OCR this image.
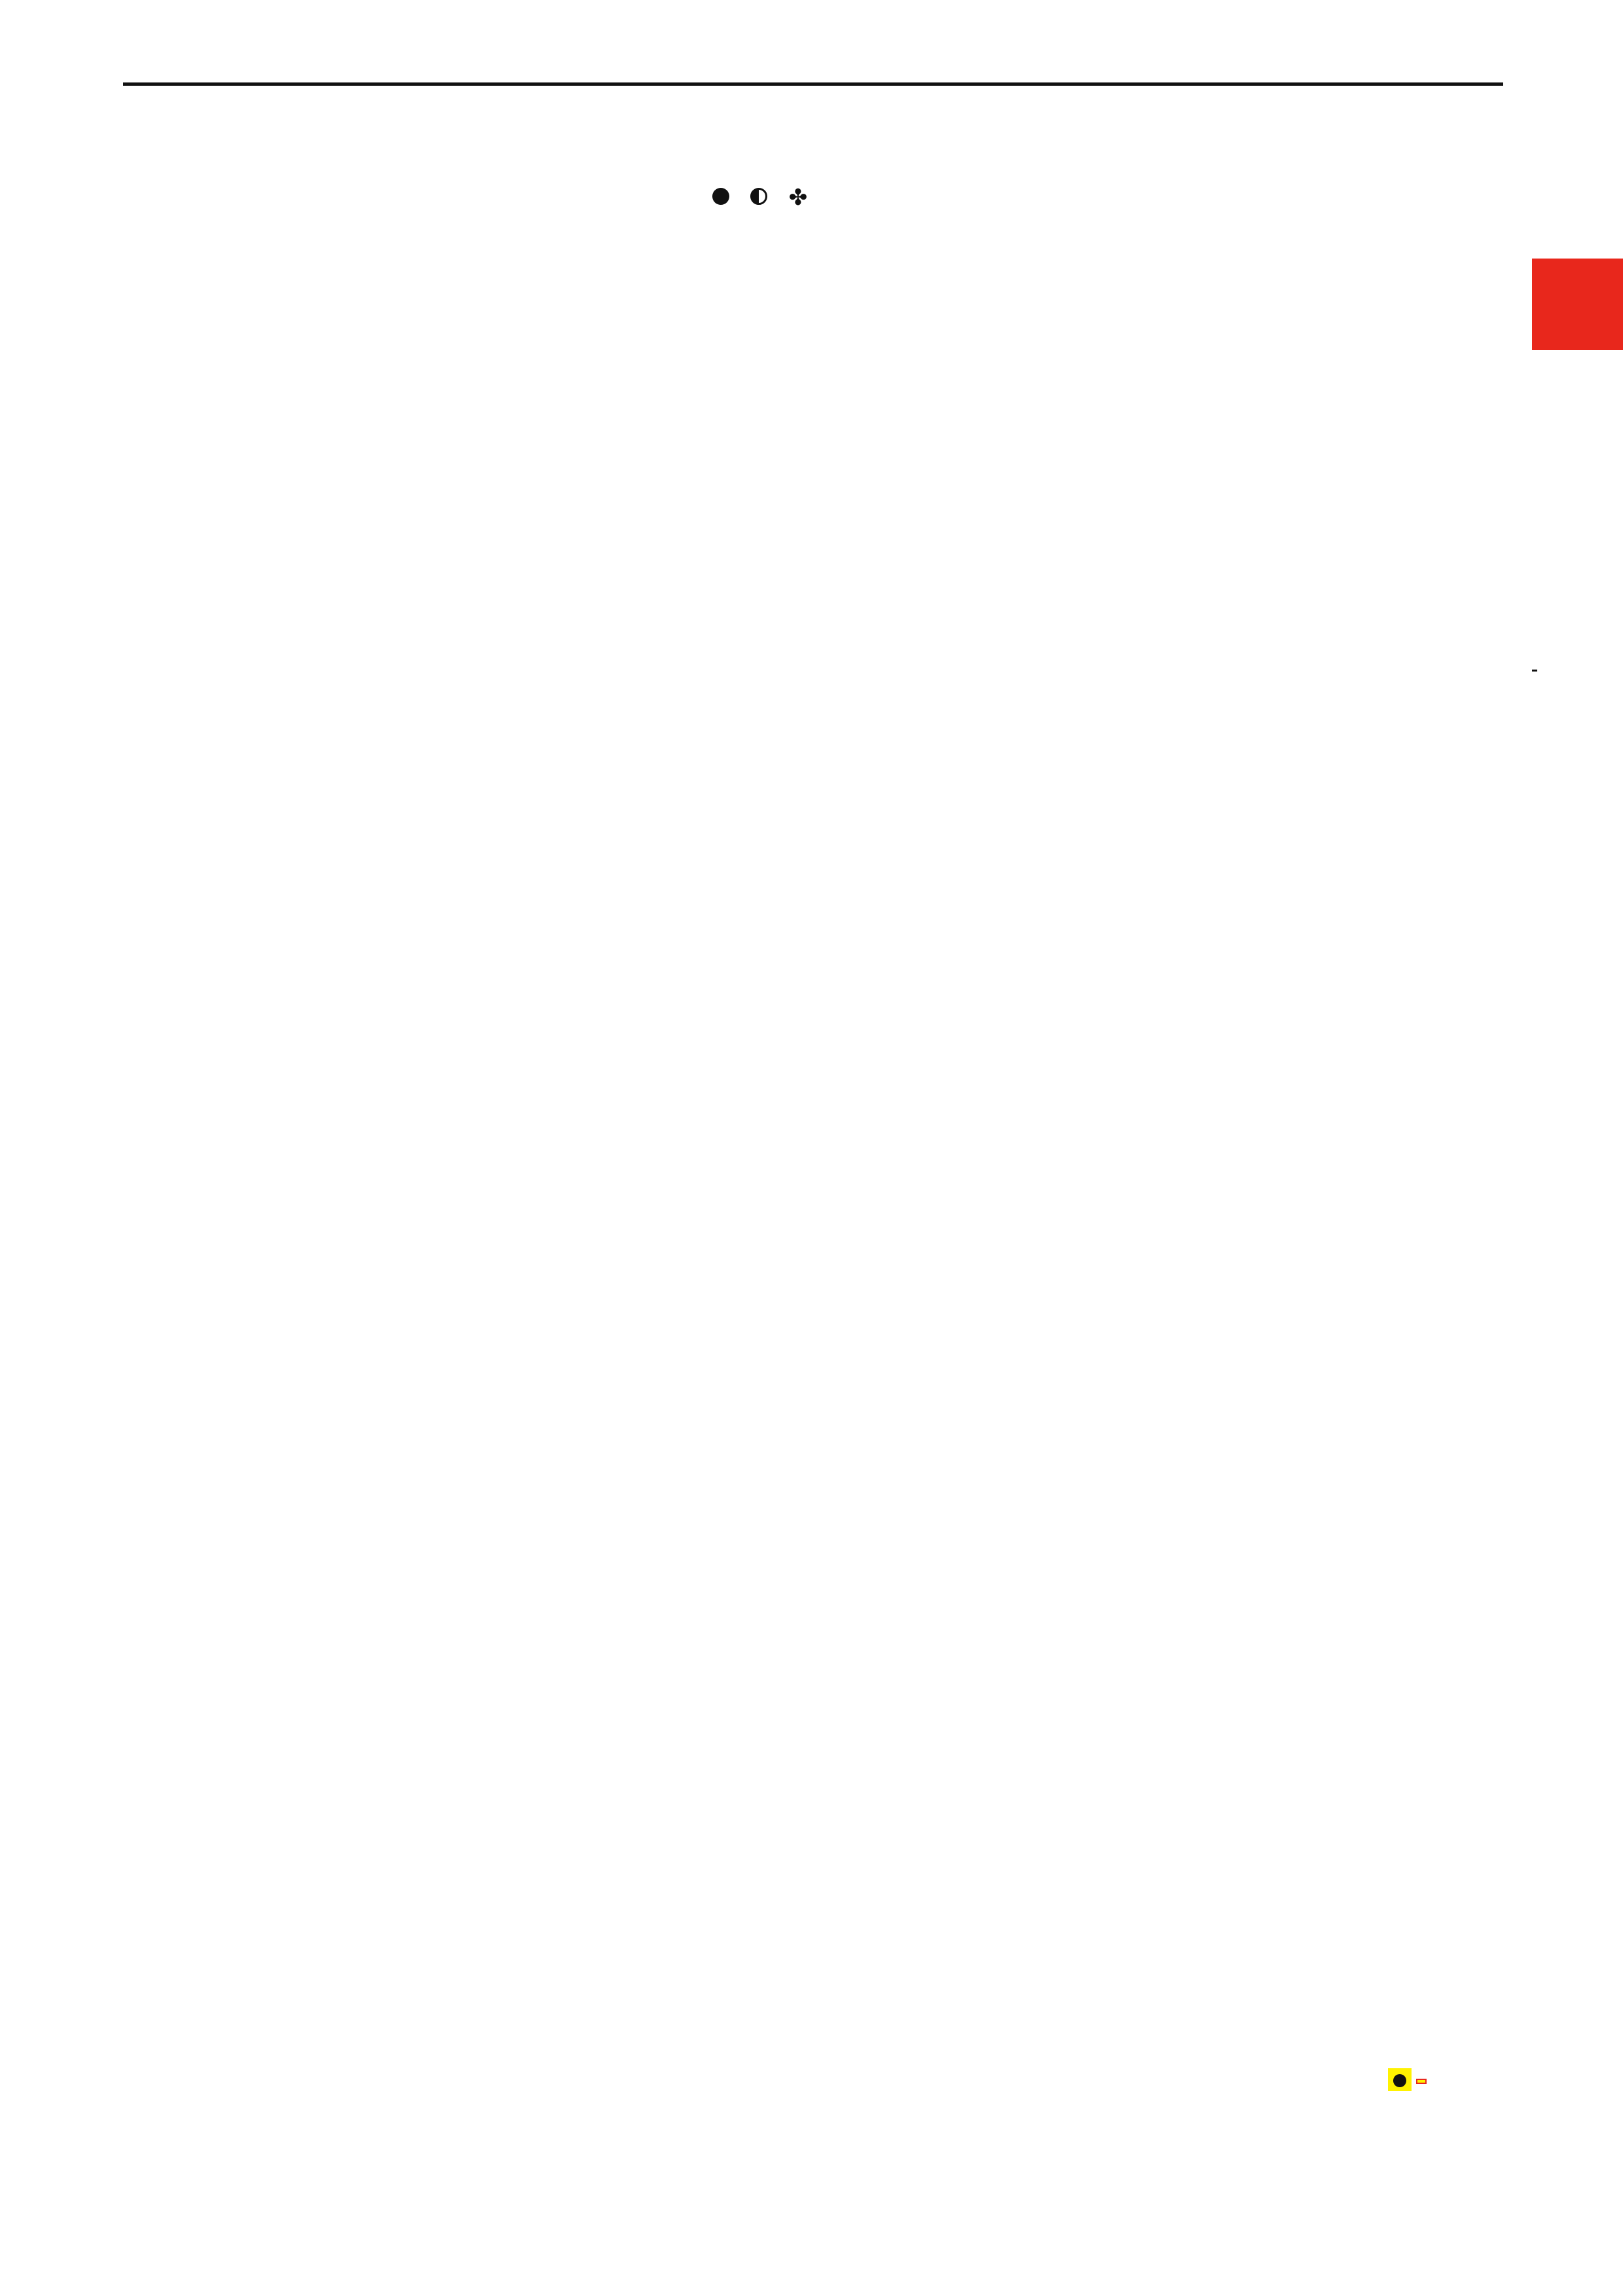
✤
